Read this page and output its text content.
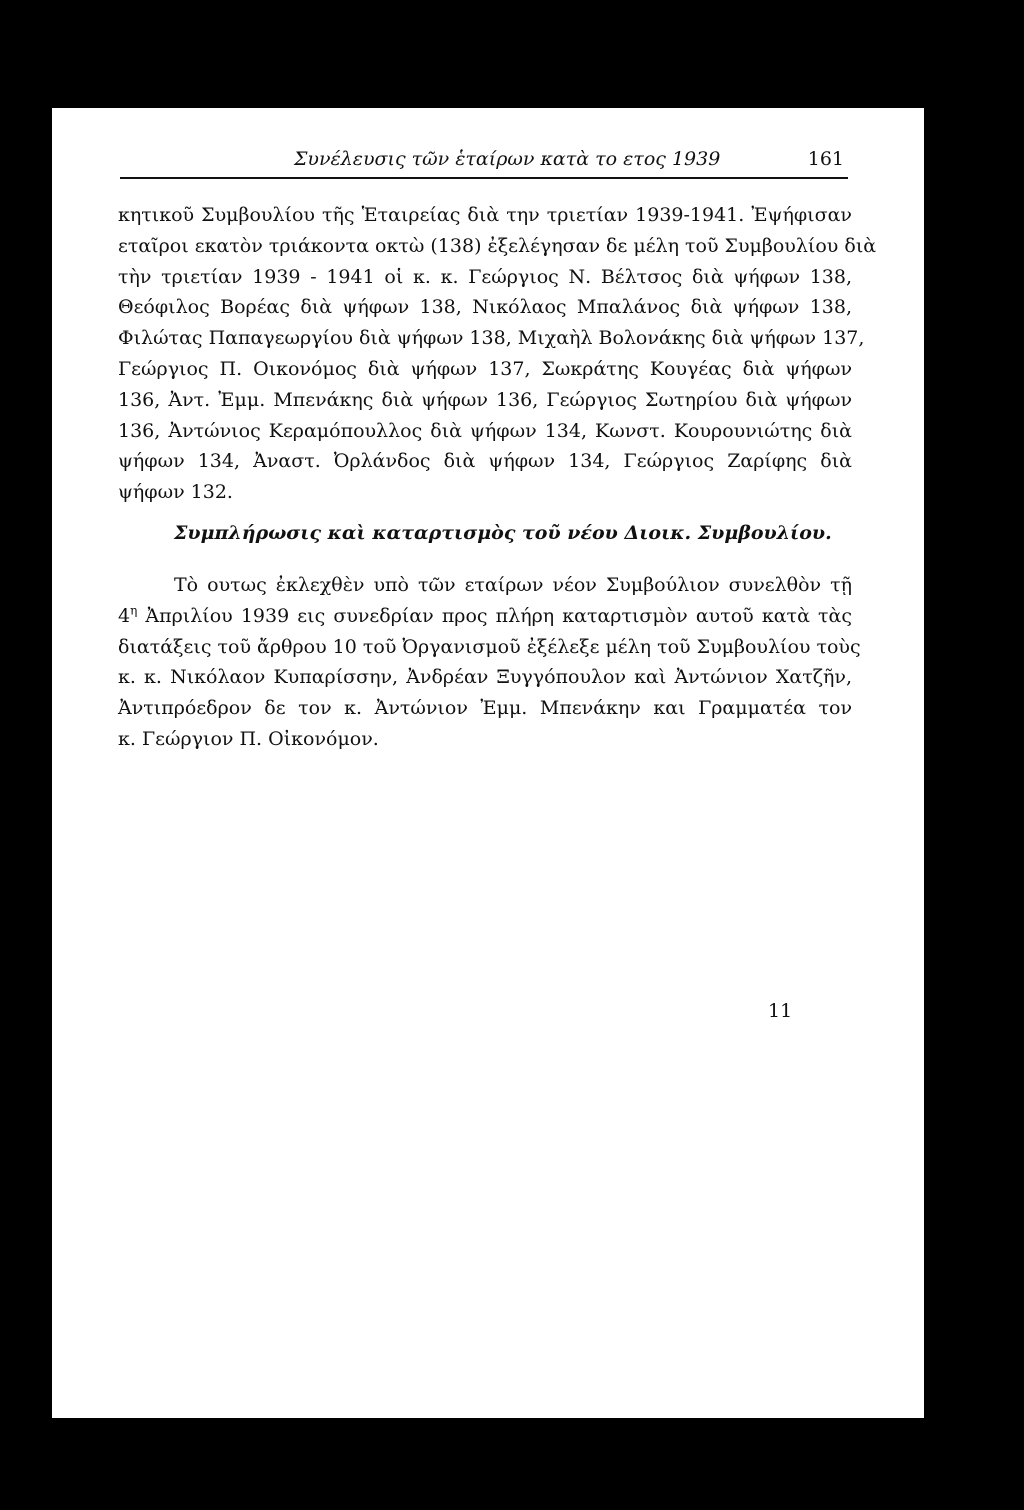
Συνέλευσις τῶν ἑταίρων κατὰ το ετος 1939	161
κητικοῦ Συμβουλίου τῆς Ἑταιρείας διὰ την τριετίαν 1939-1941. Ἐψήφισαν
εταῖροι εκατὸν τριάκοντα οκτὼ (138) ἐξελέγησαν δε μέλη τοῦ Συμβουλίου διὰ
τὴν τριετίαν 1939 - 1941 οἱ κ. κ. Γεώργιος Ν. Βέλτσος διὰ ψήφων 138,
Θεόφιλος Βορέας διὰ ψήφων 138, Νικόλαος Μπαλάνος διὰ ψήφων 138,
Φιλώτας Παπαγεωργίου διὰ ψήφων 138, Μιχαὴλ Βολονάκης διὰ ψήφων 137,
Γεώργιος Π. Οικονόμος διὰ ψήφων 137, Σωκράτης Κουγέας διὰ ψήφων
136, Ἀντ. Ἐμμ. Μπενάκης διὰ ψήφων 136, Γεώργιος Σωτηρίου διὰ ψήφων
136, Ἀντώνιος Κεραμόπουλλος διὰ ψήφων 134, Κωνστ. Κουρουνιώτης διὰ
ψήφων 134, Ἀναστ. Ὀρλάνδος διὰ ψήφων 134, Γεώργιος Ζαρίφης διὰ
ψήφων 132.
Συμπλήρωσις καὶ καταρτισμὸς τοῦ νέου Διοικ. Συμβουλίου.
Τὸ ουτως ἐκλεχθὲν υπὸ τῶν εταίρων νέον Συμβούλιον συνελθὸν τῇ
$4^\eta$ Ἀπριλίου 1939 εις συνεδρίαν προς πλήρη καταρτισμὸν αυτοῦ κατὰ τὰς
διατάξεις τοῦ ἄρθρου 10 τοῦ Ὀργανισμοῦ ἐξέλεξε μέλη τοῦ Συμβουλίου τοὺς
κ. κ. Νικόλαον Κυπαρίσσην, Ἀνδρέαν Ξυγγόπουλον καὶ Ἀντώνιον Χατζῆν,
Ἀντιπρόεδρον δε τον κ. Ἀντώνιον Ἐμμ. Μπενάκην και Γραμματέα τον
κ. Γεώργιον Π. Οἰκονόμον.
11
